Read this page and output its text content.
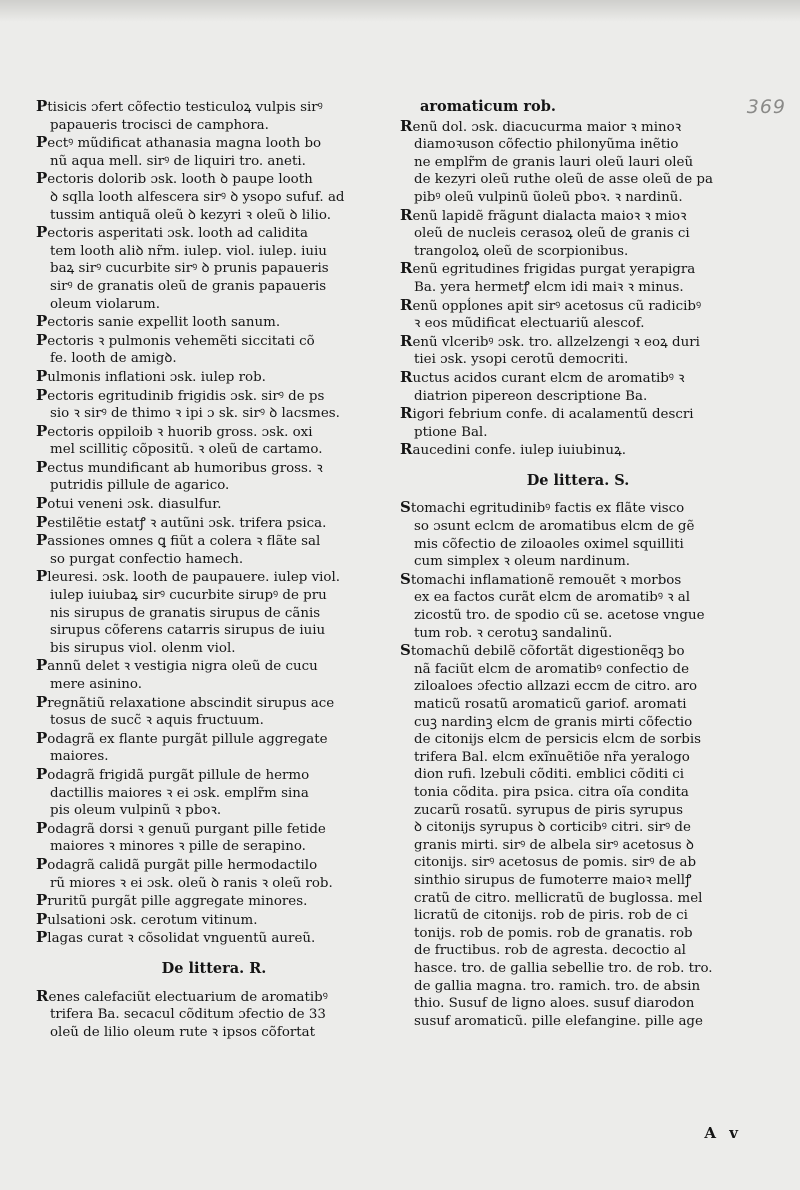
369
Ptisicis ɔfert cõfectio testiculoꝝ vulpis sirꝰ
papaueris trocisci de camphora.
Pectꝰ mũdificat athanasia magna looth bo
nũ aqua mell. sirꝰ de liquiri tro. aneti.
Pectoris dolorib ɔsk. looth ꝺ paupe looth
ꝺ sqlla looth alfescera sirꝰ ꝺ ysopo sufuf. ad
tussim antiquã oleũ ꝺ kezyri ꝛ oleũ ꝺ lilio.
Pectoris asperitati ɔsk. looth ad calidita
tem looth aliꝺ nr̃m. iulep. viol. iulep. iuiu
baꝝ sirꝰ cucurbite sirꝰ ꝺ prunis papaueris
sirꝰ de granatis oleũ de granis papaueris
oleum violarum.
Pectoris sanie expellit looth sanum.
Pectoris ꝛ pulmonis vehemẽti siccitati cõ
fe. looth de amigꝺ.
Pulmonis inflationi ɔsk. iulep rob.
Pectoris egritudinib frigidis ɔsk. sirꝰ de ps
sio ꝛ sirꝰ de thimo ꝛ ipi ɔ sk. sirꝰ ꝺ lacsmes.
Pectoris oppiloib ꝛ huorib gross. ɔsk. oxi
mel scillitiç cõpositũ. ꝛ oleũ de cartamo.
Pectus mundificant ab humoribus gross. ꝛ
putridis pillule de agarico.
Potui veneni ɔsk. diasulfur.
Pestilẽtie estatꝭ ꝛ autũni ɔsk. trifera psica.
Passiones omnes ꝗ fiũt a colera ꝛ flãte sal
so purgat confectio hamech.
Pleuresi. ɔsk. looth de paupauere. iulep viol.
iulep iuiubaꝝ sirꝰ cucurbite sirupꝰ de pru
nis sirupus de granatis sirupus de cãnis
sirupus cõferens catarris sirupus de iuiu
bis sirupus viol. olenm viol.
Pannũ delet ꝛ vestigia nigra oleũ de cucu
mere asinino.
Pregnãtiũ relaxatione abscindit sirupus ace
tosus de succ̃ ꝛ aquis fructuum.
Podagrã ex flante purgãt pillule aggregate
maiores.
Podagrã frigidã purgãt pillule de hermo
dactillis maiores ꝛ ei ɔsk. emplr̃m sina
pis oleum vulpinũ ꝛ pboꝛ.
Podagrã dorsi ꝛ genuũ purgant pille fetide
maiores ꝛ minores ꝛ pille de serapino.
Podagrã calidã purgãt pille hermodactilo
rũ miores ꝛ ei ɔsk. oleũ ꝺ ranis ꝛ oleũ rob.
Pruritũ purgãt pille aggregate minores.
Pulsationi ɔsk. cerotum vitinum.
Plagas curat ꝛ cõsolidat vnguentũ aureũ.
De littera. R.
Renes calefaciũt electuarium de aromatibꝰ
trifera Ba. secacul cõditum ɔfectio de 33
oleũ de lilio oleum rute ꝛ ipsos cõfortat
aromaticum rob.
Renũ dol. ɔsk. diacucurma maior ꝛ minoꝛ
diamoꝛuson cõfectio philonyũma inẽtio
ne emplr̃m de granis lauri oleũ lauri oleũ
de kezyri oleũ ruthe oleũ de asse oleũ de pa
pibꝰ oleũ vulpinũ ũoleũ pboꝛ. ꝛ nardinũ.
Renũ lapidẽ frãgunt dialacta maioꝛ ꝛ mioꝛ
oleũ de nucleis cerasoꝝ oleũ de granis ci
trangoloꝝ oleũ de scorpionibus.
Renũ egritudines frigidas purgat yerapigra
Ba. yera hermetꝭ elcm idi maiꝛ ꝛ minus.
Renũ oppĺones apit sirꝰ acetosus cũ radicibꝰ
ꝛ eos mũdificat electuariũ alescof.
Renũ vlceribꝰ ɔsk. tro. allzelzengi ꝛ eoꝝ duri
tiei ɔsk. ysopi cerotũ democriti.
Ructus acidos curant elcm de aromatibꝰ ꝛ
diatrion pipereon descriptione Ba.
Rigori febrium confe. di acalamentũ descri
ptione Bal.
Raucedini confe. iulep iuiubinuꝝ.
De littera. S.
Stomachi egritudinibꝰ factis ex flãte visco
so ɔsunt eclcm de aromatibus elcm de gẽ
mis cõfectio de ziloaoles oximel squilliti
cum simplex ꝛ oleum nardinum.
Stomachi inflamationẽ remouẽt ꝛ morbos
ex ea factos curãt elcm de aromatibꝰ ꝛ al
zicostũ tro. de spodio cũ se. acetose vngue
tum rob. ꝛ cerotuꝫ sandalinũ.
Stomachũ debilẽ cõfortãt digestionẽqꝫ bo
nã faciũt elcm de aromatibꝰ confectio de
ziloaloes ɔfectio allzazi eccm de citro. aro
maticũ rosatũ aromaticũ gariof. aromati
cuꝫ nardinꝫ elcm de granis mirti cõfectio
de citonijs elcm de persicis elcm de sorbis
trifera Bal. elcm exĩnuẽtiõe nr̃a yeralogo
dion rufi. lzebuli cõditi. emblici cõditi ci
tonia cõdita. pira psica. citra oĩa condita
zucarũ rosatũ. syrupus de piris syrupus
ꝺ citonijs syrupus ꝺ corticibꝰ citri. sirꝰ de
granis mirti. sirꝰ de albela sirꝰ acetosus ꝺ
citonijs. sirꝰ acetosus de pomis. sirꝰ de ab
sinthio sirupus de fumoterre maioꝛ mellꝭ
cratũ de citro. mellicratũ de buglossa. mel
licratũ de citonijs. rob de piris. rob de ci
tonijs. rob de pomis. rob de granatis. rob
de fructibus. rob de agresta. decoctio al
hasce. tro. de gallia sebellie tro. de rob. tro.
de gallia magna. tro. ramich. tro. de absin
thio. Susuf de ligno aloes. susuf diarodon
susuf aromaticũ. pille elefangine. pille age
A v
